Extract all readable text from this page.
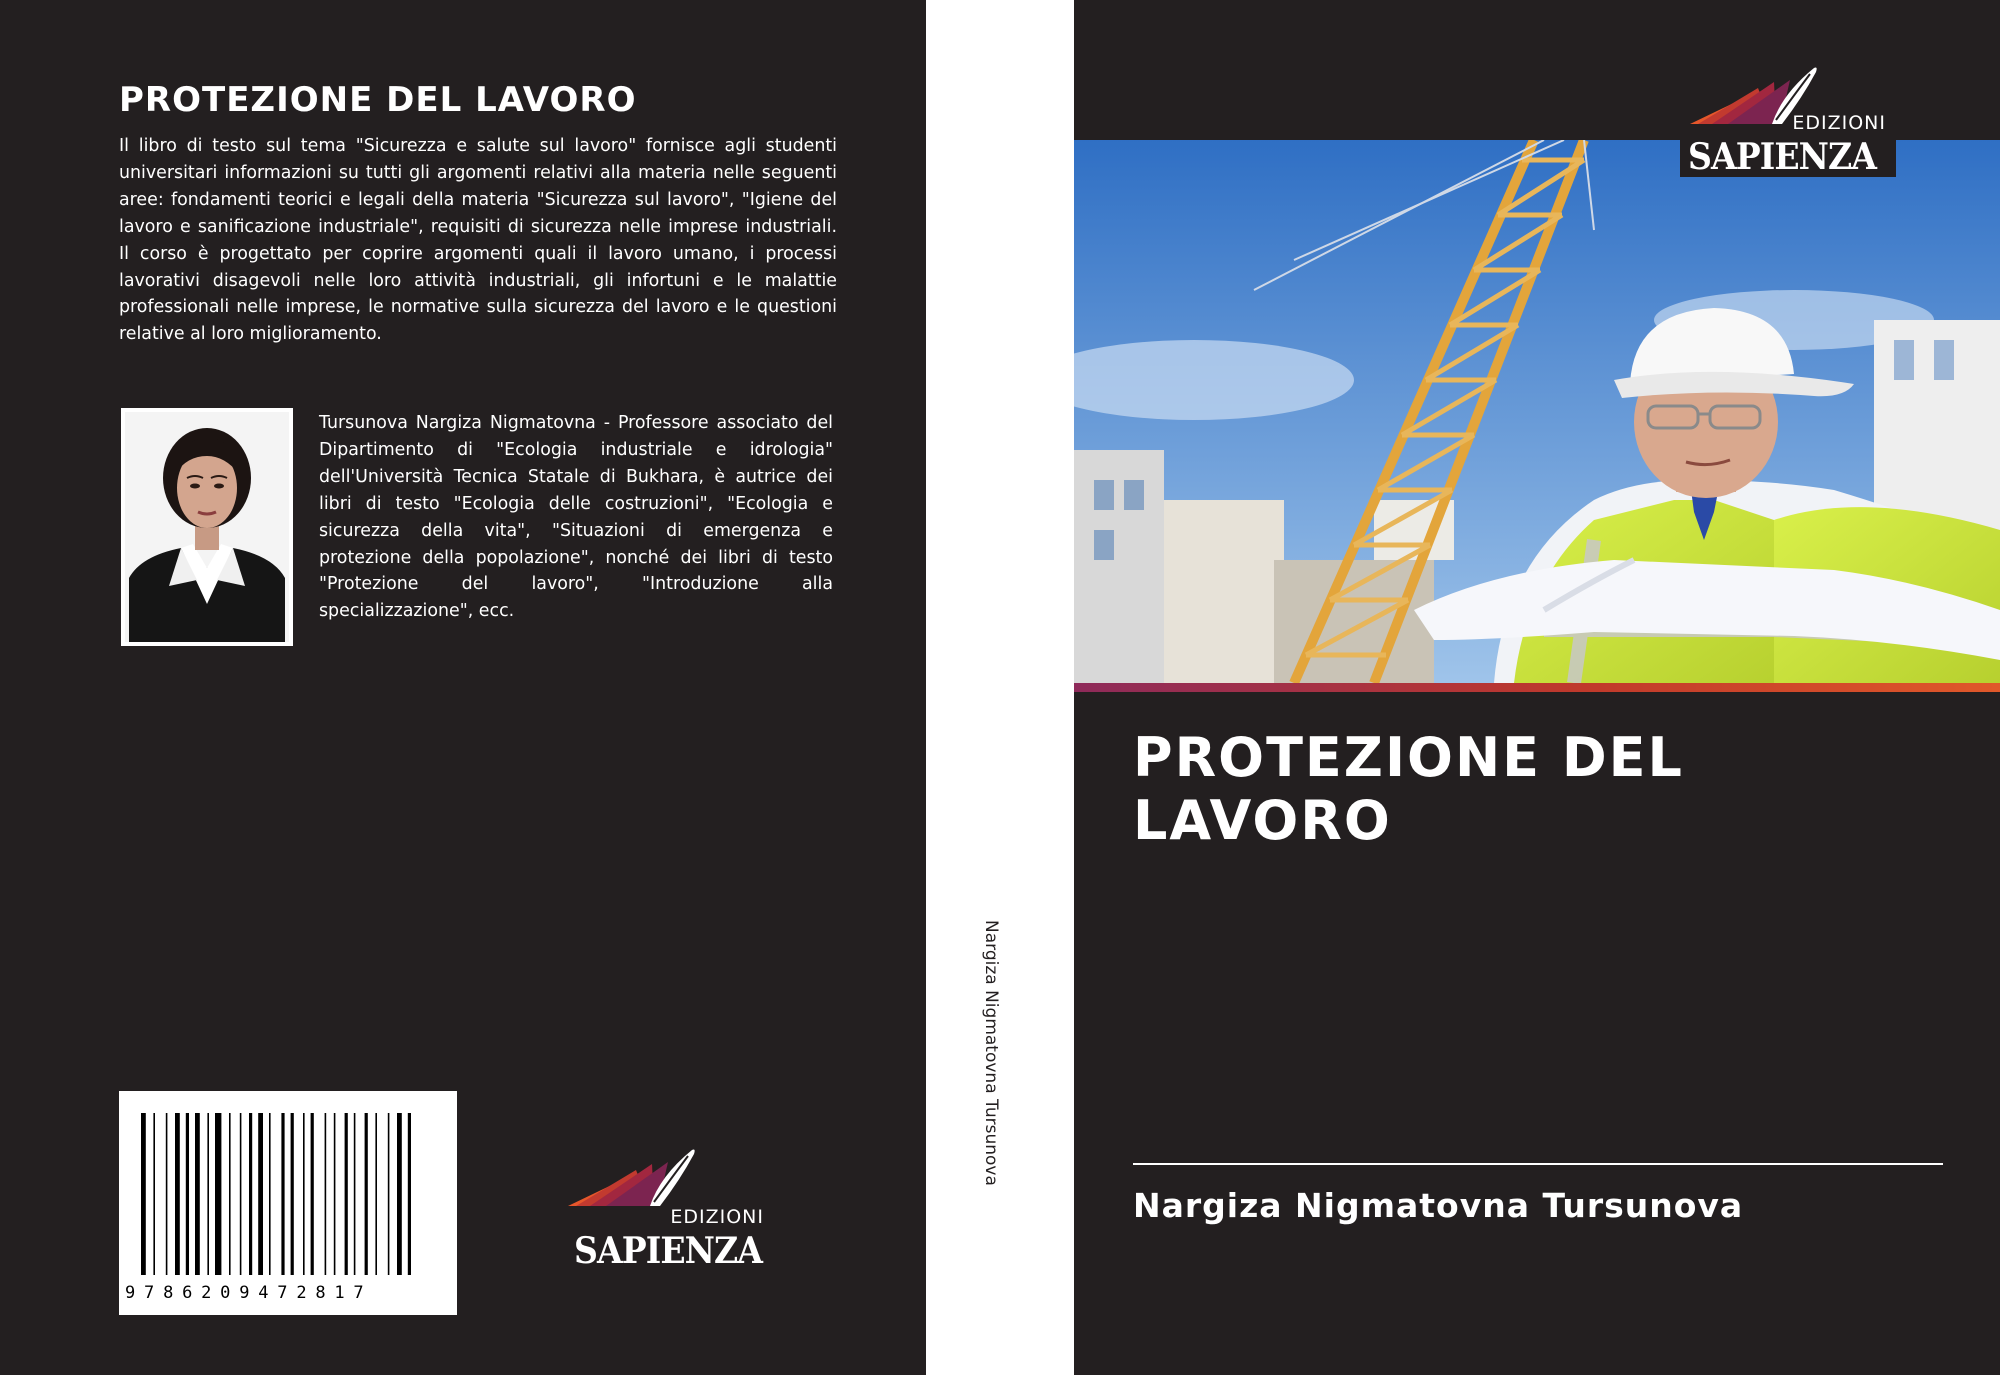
PROTEZIONE DEL LAVORO

Il libro di testo sul tema "Sicurezza e salute sul lavoro" fornisce agli studenti universitari informazioni su tutti gli argomenti relativi alla materia nelle seguenti aree: fondamenti teorici e legali della materia "Sicurezza sul lavoro", "Igiene del lavoro e sanificazione industriale", requisiti di sicurezza nelle imprese industriali. Il corso è progettato per coprire argomenti quali il lavoro umano, i processi lavorativi disagevoli nelle loro attività industriali, gli infortuni e le malattie professionali nelle imprese, le normative sulla sicurezza del lavoro e le questioni relative al loro miglioramento.

Tursunova Nargiza Nigmatovna - Professore associato del Dipartimento di "Ecologia industriale e idrologia" dell'Università Tecnica Statale di Bukhara, è autrice dei libri di testo "Ecologia delle costruzioni", "Ecologia e sicurezza della vita", "Situazioni di emergenza e protezione della popolazione", nonché dei libri di testo "Protezione del lavoro", "Introduzione alla specializzazione", ecc.

9786209472817
EDIZIONI
SAPIENZA
Nargiza Nigmatovna Tursunova
EDIZIONI
SAPIENZA
PROTEZIONE DEL LAVORO
Nargiza Nigmatovna Tursunova
